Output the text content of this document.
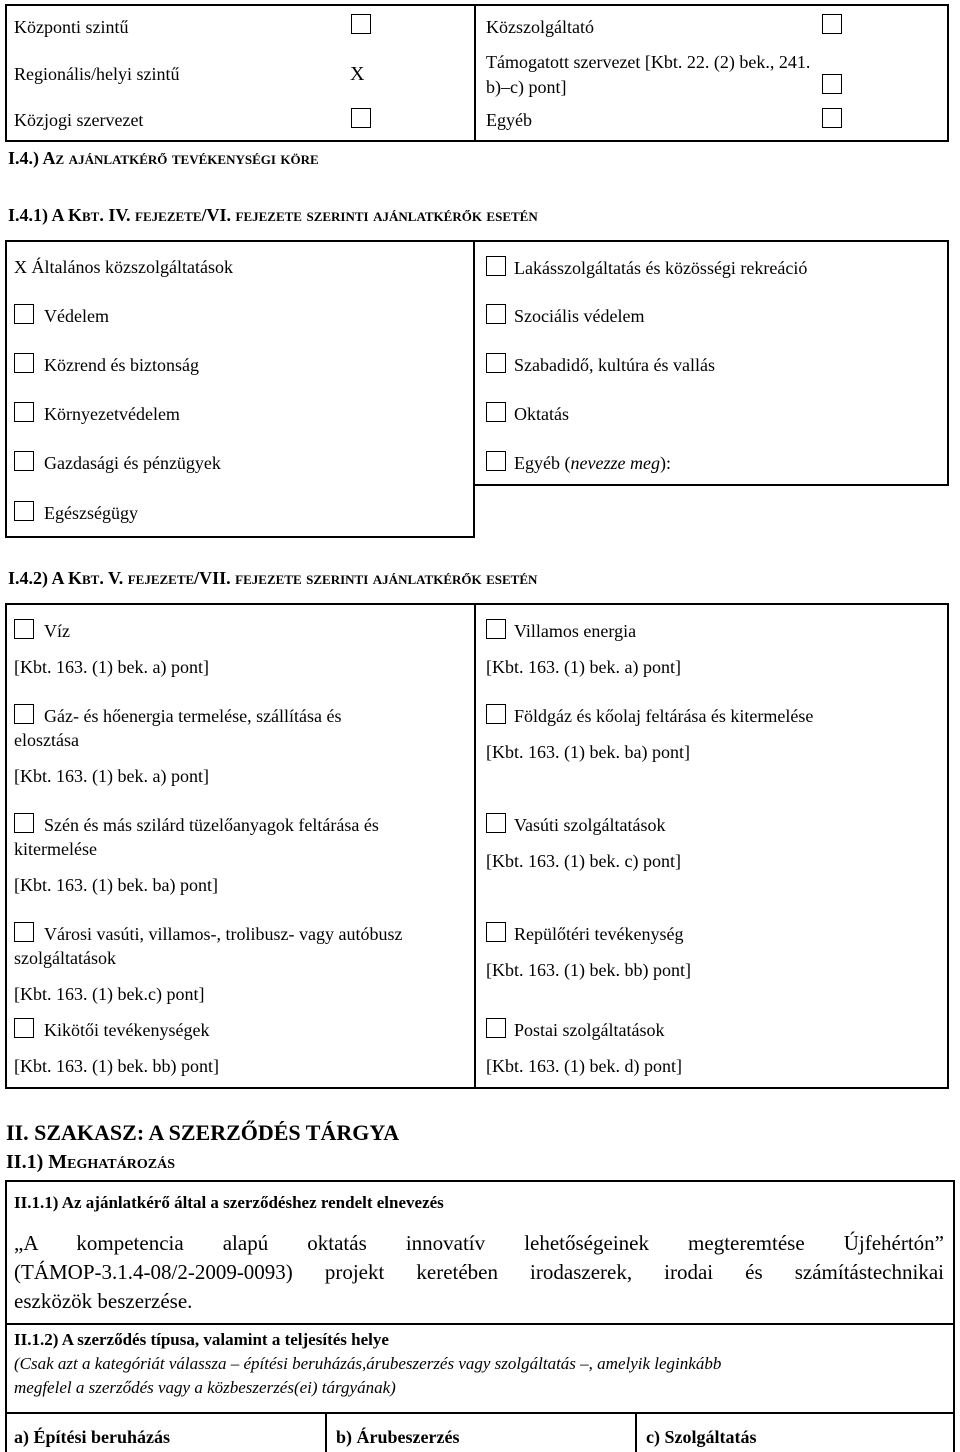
Központi szintű
Regionális/helyi szintű	X
Közjogi szervezet
Közszolgáltató
Támogatott szervezet [Kbt. 22. (2) bek., 241.
b)–c) pont]
Egyéb
I.4.) Az ajánlatkérő tevékenységi köre
I.4.1) A Kbt. IV. fejezete/VI. fejezete szerinti ajánlatkérők esetén
X Általános közszolgáltatások
Védelem
Közrend és biztonság
Környezetvédelem
Gazdasági és pénzügyek
Egészségügy
Lakásszolgáltatás és közösségi rekreáció
Szociális védelem
Szabadidő, kultúra és vallás
Oktatás
Egyéb (nevezze meg):
I.4.2) A Kbt. V. fejezete/VII. fejezete szerinti ajánlatkérők esetén
Víz
[Kbt. 163. (1) bek. a) pont]
Gáz- és hőenergia termelése, szállítása és
elosztása
[Kbt. 163. (1) bek. a) pont]
Szén és más szilárd tüzelőanyagok feltárása és
kitermelése
[Kbt. 163. (1) bek. ba) pont]
Városi vasúti, villamos-, trolibusz- vagy autóbusz
szolgáltatások
[Kbt. 163. (1) bek.c) pont]
Kikötői tevékenységek
[Kbt. 163. (1) bek. bb) pont]
Villamos energia
[Kbt. 163. (1) bek. a) pont]
Földgáz és kőolaj feltárása és kitermelése
[Kbt. 163. (1) bek. ba) pont]
Vasúti szolgáltatások
[Kbt. 163. (1) bek. c) pont]
Repülőtéri tevékenység
[Kbt. 163. (1) bek. bb) pont]
Postai szolgáltatások
[Kbt. 163. (1) bek. d) pont]
II. SZAKASZ: A SZERZŐDÉS TÁRGYA
II.1) Meghatározás
II.1.1) Az ajánlatkérő által a szerződéshez rendelt elnevezés
„A kompetencia alapú oktatás innovatív lehetőségeinek megteremtése Újfehértón”
(TÁMOP-3.1.4-08/2-2009-0093) projekt keretében irodaszerek, irodai és számítástechnikai
eszközök beszerzése.
II.1.2) A szerződés típusa, valamint a teljesítés helye
(Csak azt a kategóriát válassza – építési beruházás,árubeszerzés vagy szolgáltatás –, amelyik leginkább
megfelel a szerződés vagy a közbeszerzés(ei) tárgyának)
a) Építési beruházás	b) Árubeszerzés	c) Szolgáltatás
